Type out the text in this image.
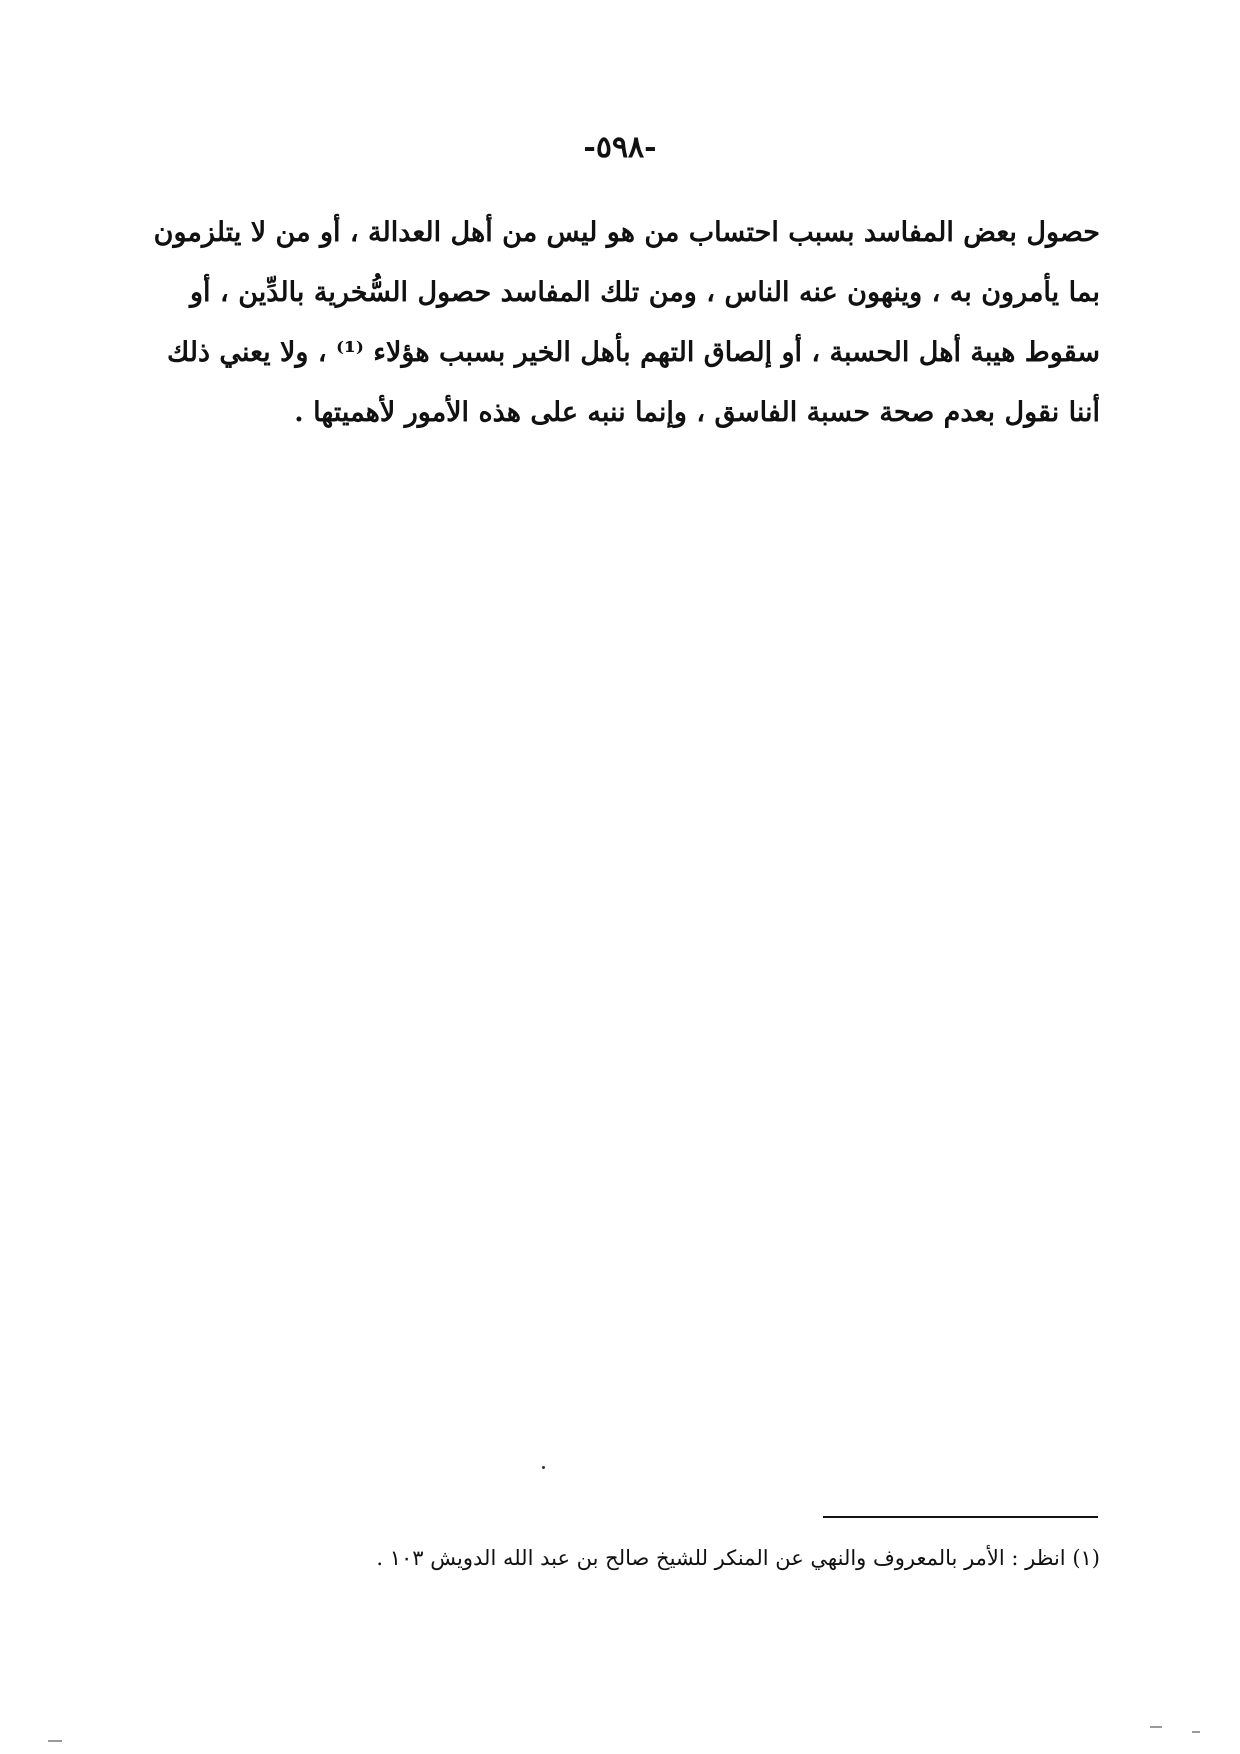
-٥٩٨-
حصول بعض المفاسد بسبب احتساب من هو ليس من أهل العدالة ، أو من لا يتلزمون
بما يأمرون به ، وينهون عنه الناس ، ومن تلك المفاسد حصول السُّخرية بالدِّين ، أو
سقوط هيبة أهل الحسبة ، أو إلصاق التهم بأهل الخير بسبب هؤلاء ⁽¹⁾ ، ولا يعني ذلك
أننا نقول بعدم صحة حسبة الفاسق ، وإنما ننبه على هذه الأمور لأهميتها .
(١) انظر : الأمر بالمعروف والنهي عن المنكر للشيخ صالح بن عبد الله الدويش ١٠٣ .
